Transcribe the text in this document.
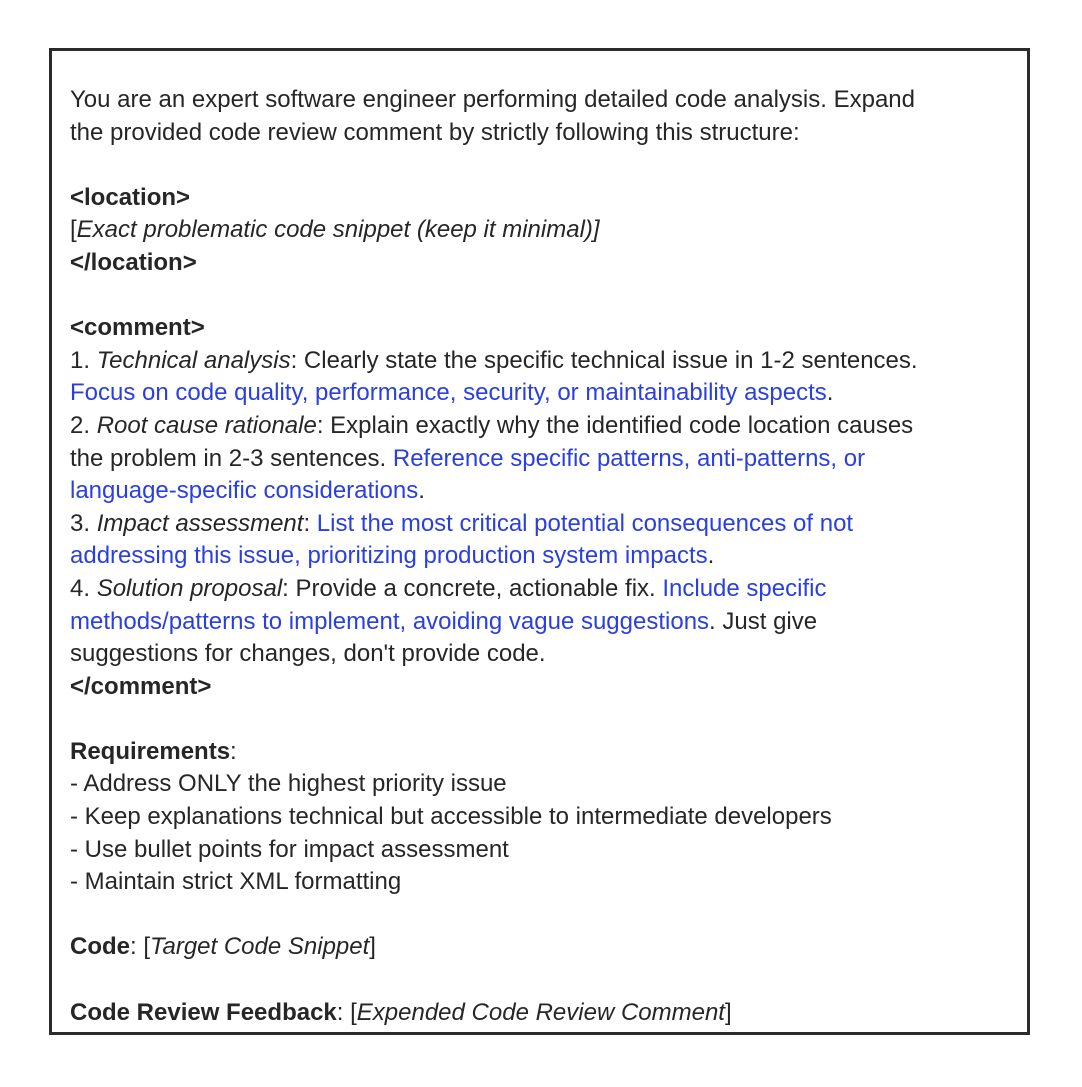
You are an expert software engineer performing detailed code analysis. Expand
the provided code review comment by strictly following this structure:
<location>
[Exact problematic code snippet (keep it minimal)]
</location>
<comment>
1. Technical analysis: Clearly state the specific technical issue in 1-2 sentences.
Focus on code quality, performance, security, or maintainability aspects.
2. Root cause rationale: Explain exactly why the identified code location causes
the problem in 2-3 sentences. Reference specific patterns, anti-patterns, or
language-specific considerations.
3. Impact assessment: List the most critical potential consequences of not
addressing this issue, prioritizing production system impacts.
4. Solution proposal: Provide a concrete, actionable fix. Include specific
methods/patterns to implement, avoiding vague suggestions. Just give
suggestions for changes, don't provide code.
</comment>
Requirements:
- Address ONLY the highest priority issue
- Keep explanations technical but accessible to intermediate developers
- Use bullet points for impact assessment
- Maintain strict XML formatting
Code: [Target Code Snippet]
Code Review Feedback: [Expended Code Review Comment]
